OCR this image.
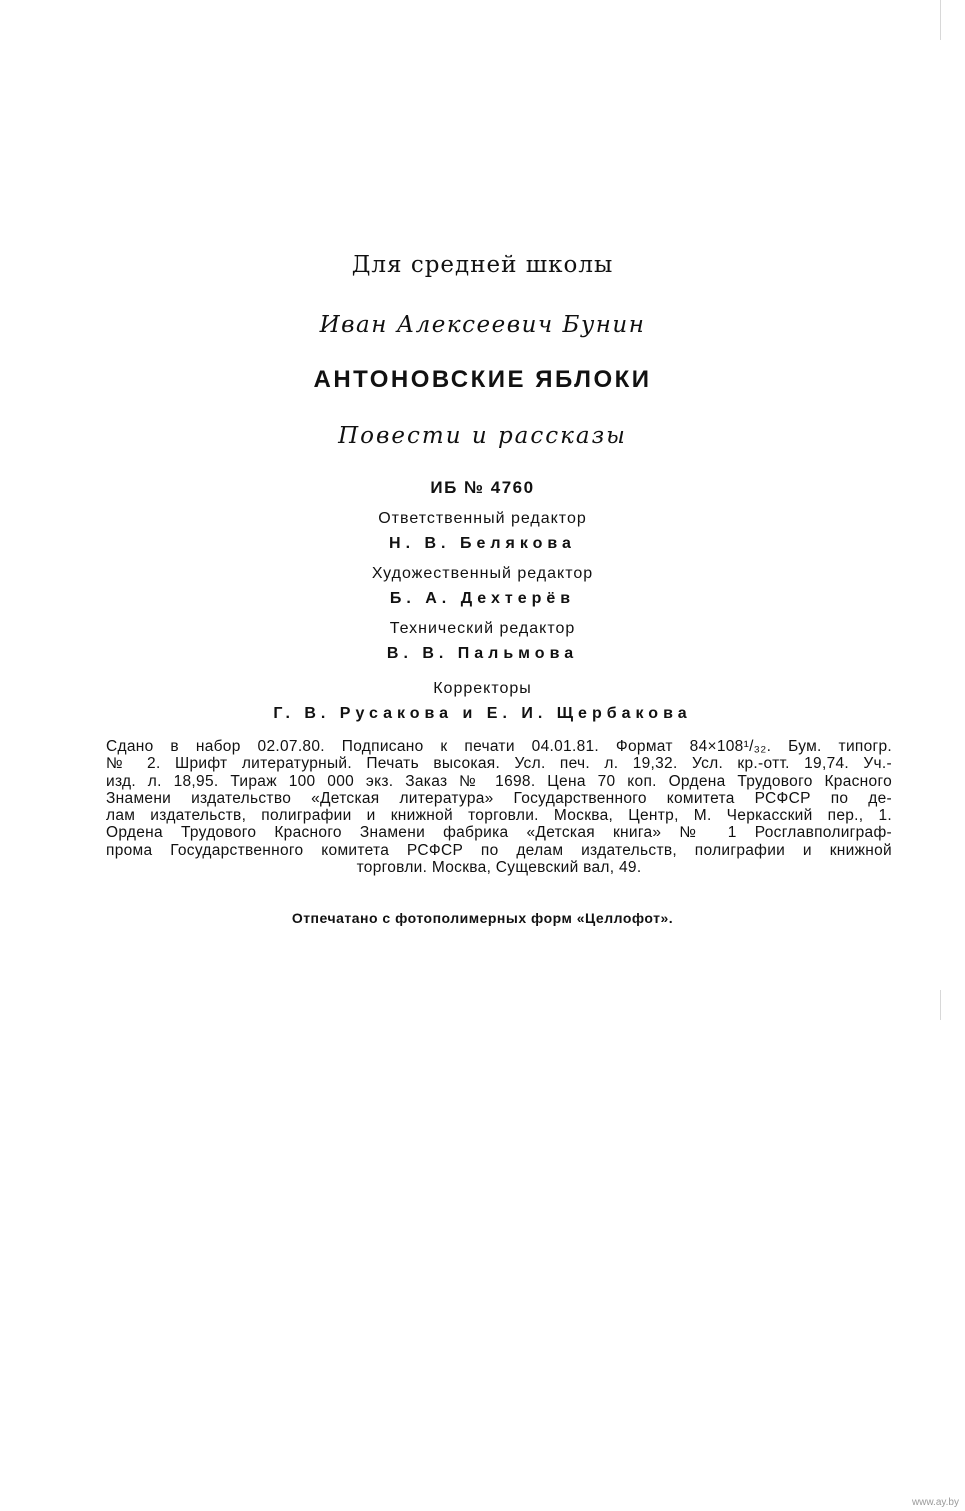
Для средней школы
Иван Алексеевич Бунин
АНТОНОВСКИЕ ЯБЛОКИ
Повести и рассказы
ИБ № 4760
Ответственный редактор
Н. В. Белякова
Художественный редактор
Б. А. Дехтерёв
Технический редактор
В. В. Пальмова
Корректоры
Г. В. Русакова и Е. И. Щербакова
Сдано в набор 02.07.80. Подписано к печати 04.01.81. Формат 84×108¹/₃₂. Бум. типогр.
№ 2. Шрифт литературный. Печать высокая. Усл. печ. л. 19,32. Усл. кр.-отт. 19,74. Уч.-
изд. л. 18,95. Тираж 100 000 экз. Заказ № 1698. Цена 70 коп. Ордена Трудового Красного
Знамени издательство «Детская литература» Государственного комитета РСФСР по де-
лам издательств, полиграфии и книжной торговли. Москва, Центр, М. Черкасский пер., 1.
Ордена Трудового Красного Знамени фабрика «Детская книга» № 1 Росглавполиграф-
прома Государственного комитета РСФСР по делам издательств, полиграфии и книжной
торговли. Москва, Сущевский вал, 49.
Отпечатано с фотополимерных форм «Целлофот».
www.ay.by
